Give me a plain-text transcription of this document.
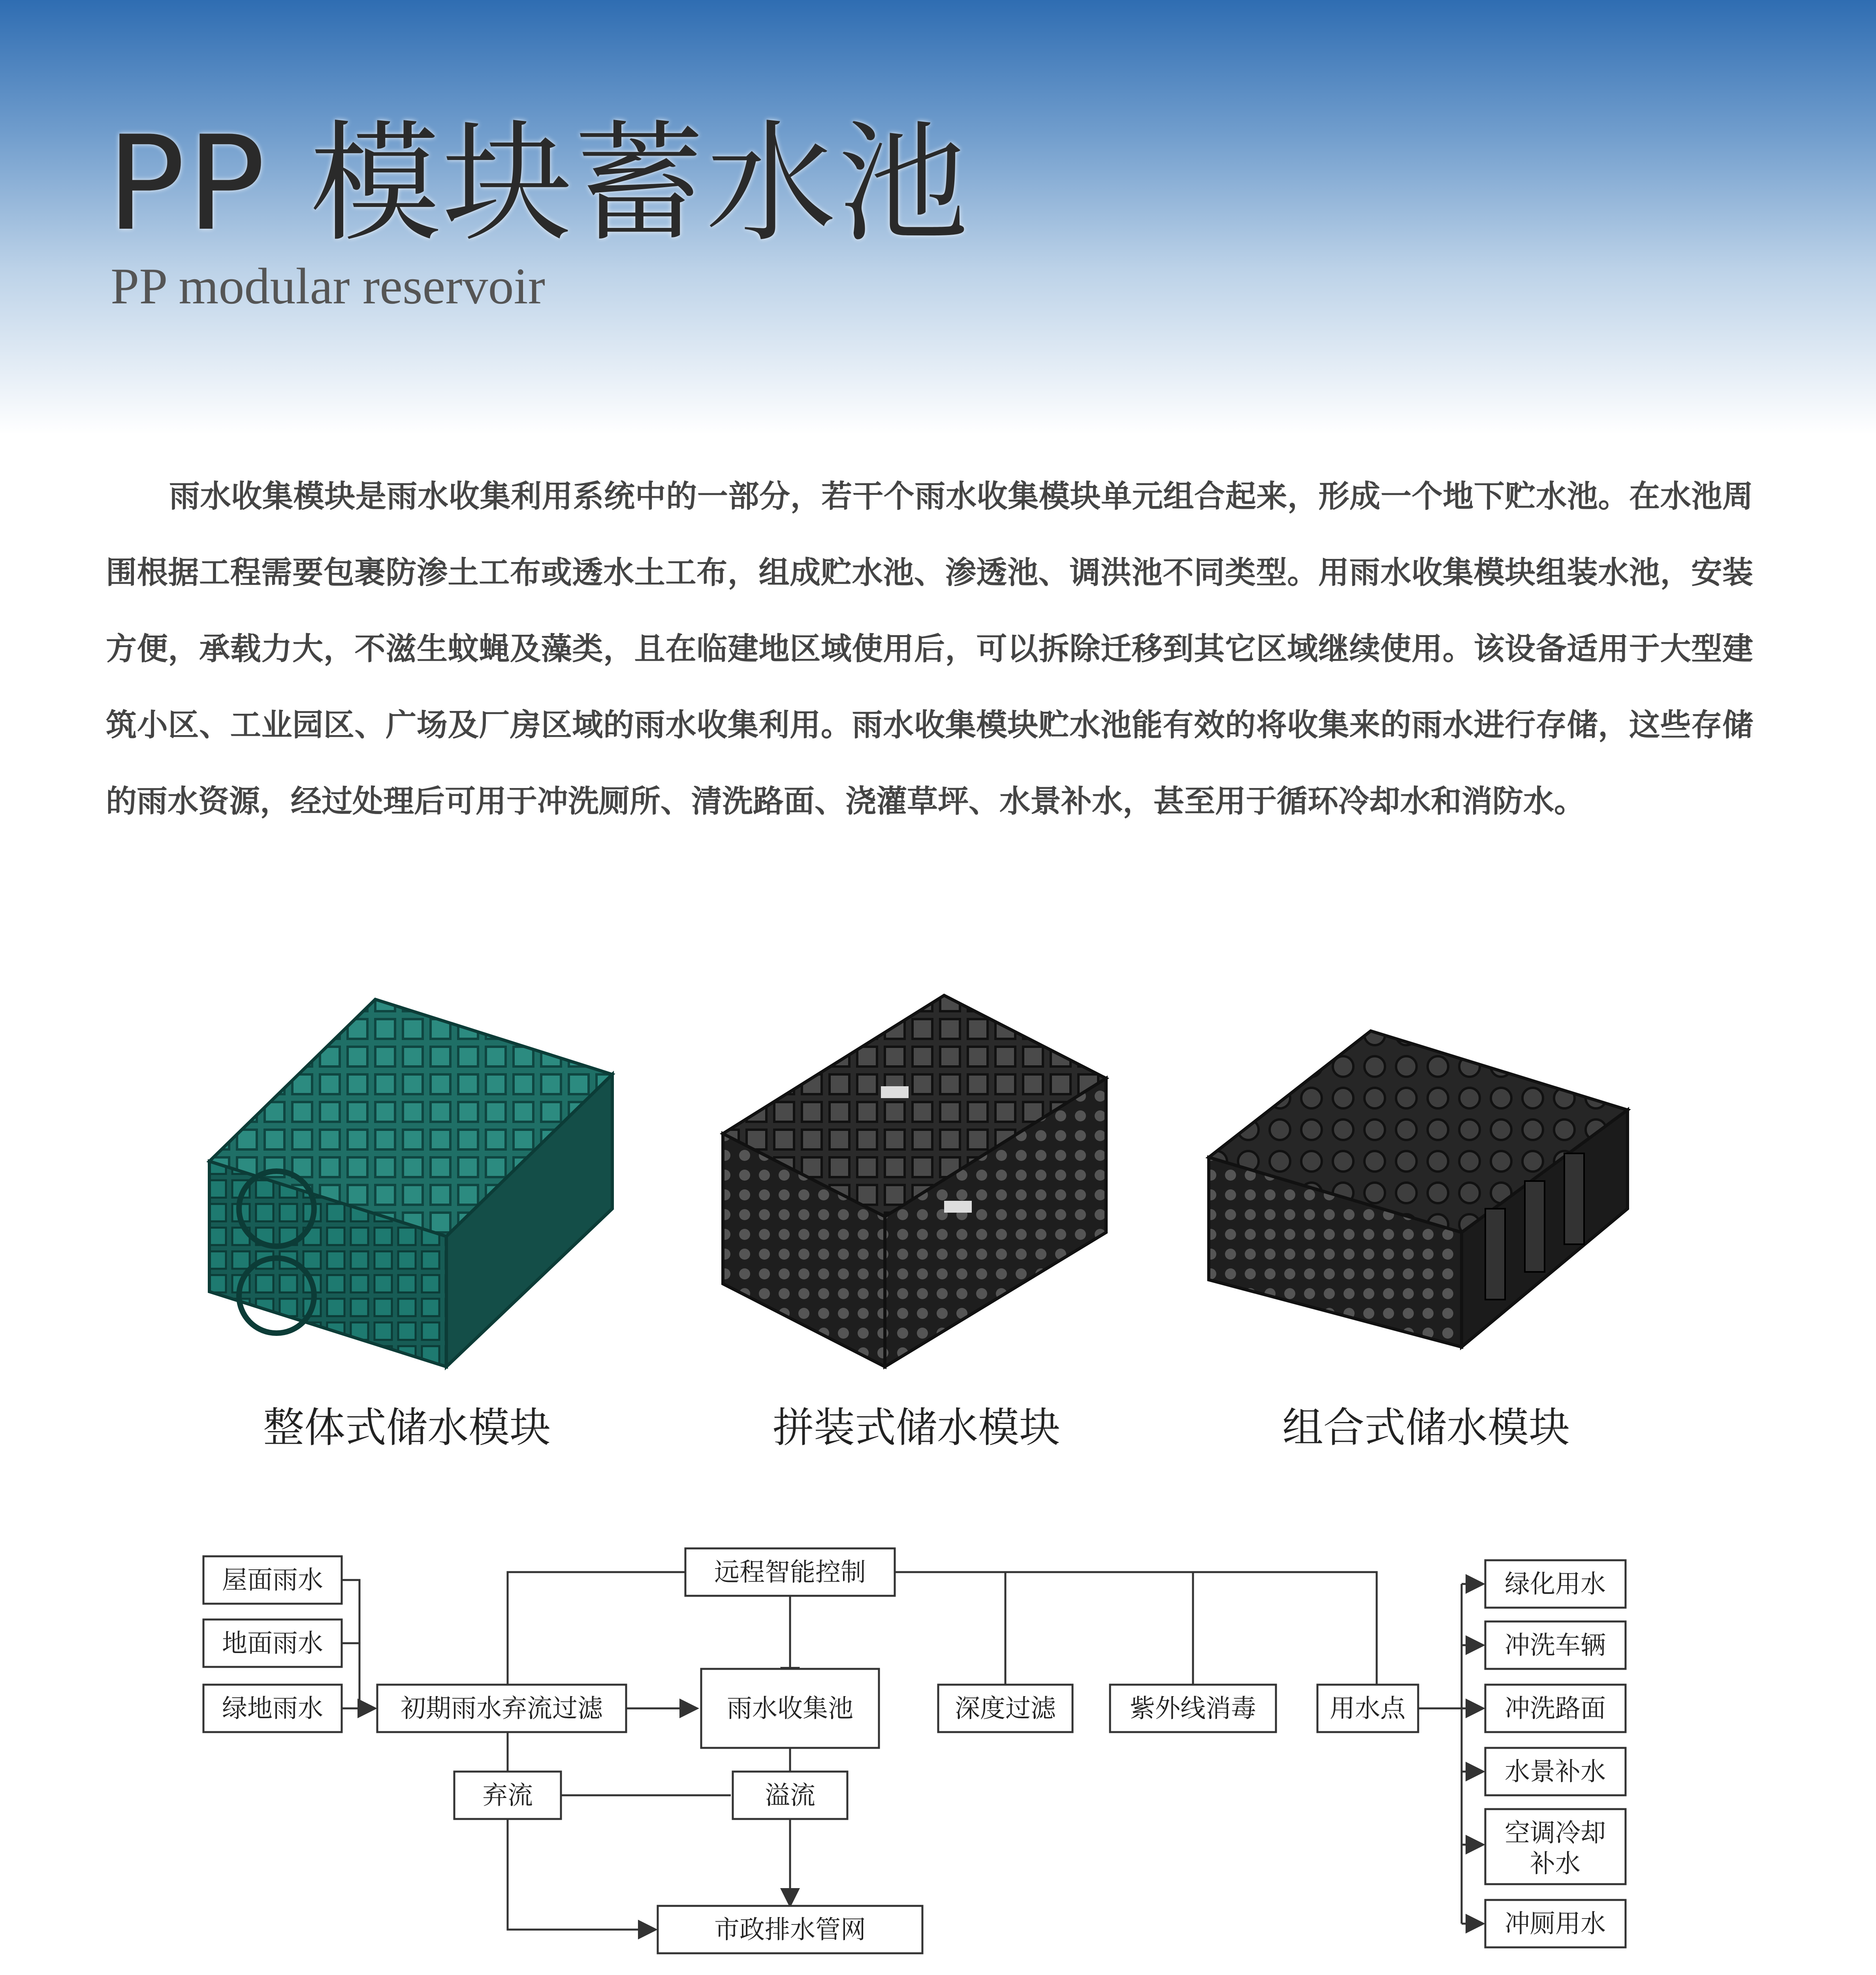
PP 模块蓄水池
PP modular reservoir
雨水收集模块是雨水收集利用系统中的一部分，若干个雨水收集模块单元组合起来，形成一个地下贮水池。在水池周围根据工程需要包裹防渗土工布或透水土工布，组成贮水池、渗透池、调洪池不同类型。用雨水收集模块组装水池，安装方便，承载力大，不滋生蚊蝇及藻类，且在临建地区域使用后，可以拆除迁移到其它区域继续使用。该设备适用于大型建筑小区、工业园区、广场及厂房区域的雨水收集利用。雨水收集模块贮水池能有效的将收集来的雨水进行存储，这些存储的雨水资源，经过处理后可用于冲洗厕所、清洗路面、浇灌草坪、水景补水，甚至用于循环冷却水和消防水。
整体式储水模块	拼装式储水模块	组合式储水模块
屋面雨水
地面雨水
绿地雨水	初期雨水弃流过滤	雨水收集池
远程智能控制
深度过滤	紫外线消毒	用水点
弃流	溢流
市政排水管网
绿化用水
冲洗车辆
冲洗路面
水景补水
空调冷却
补水
冲厕用水
